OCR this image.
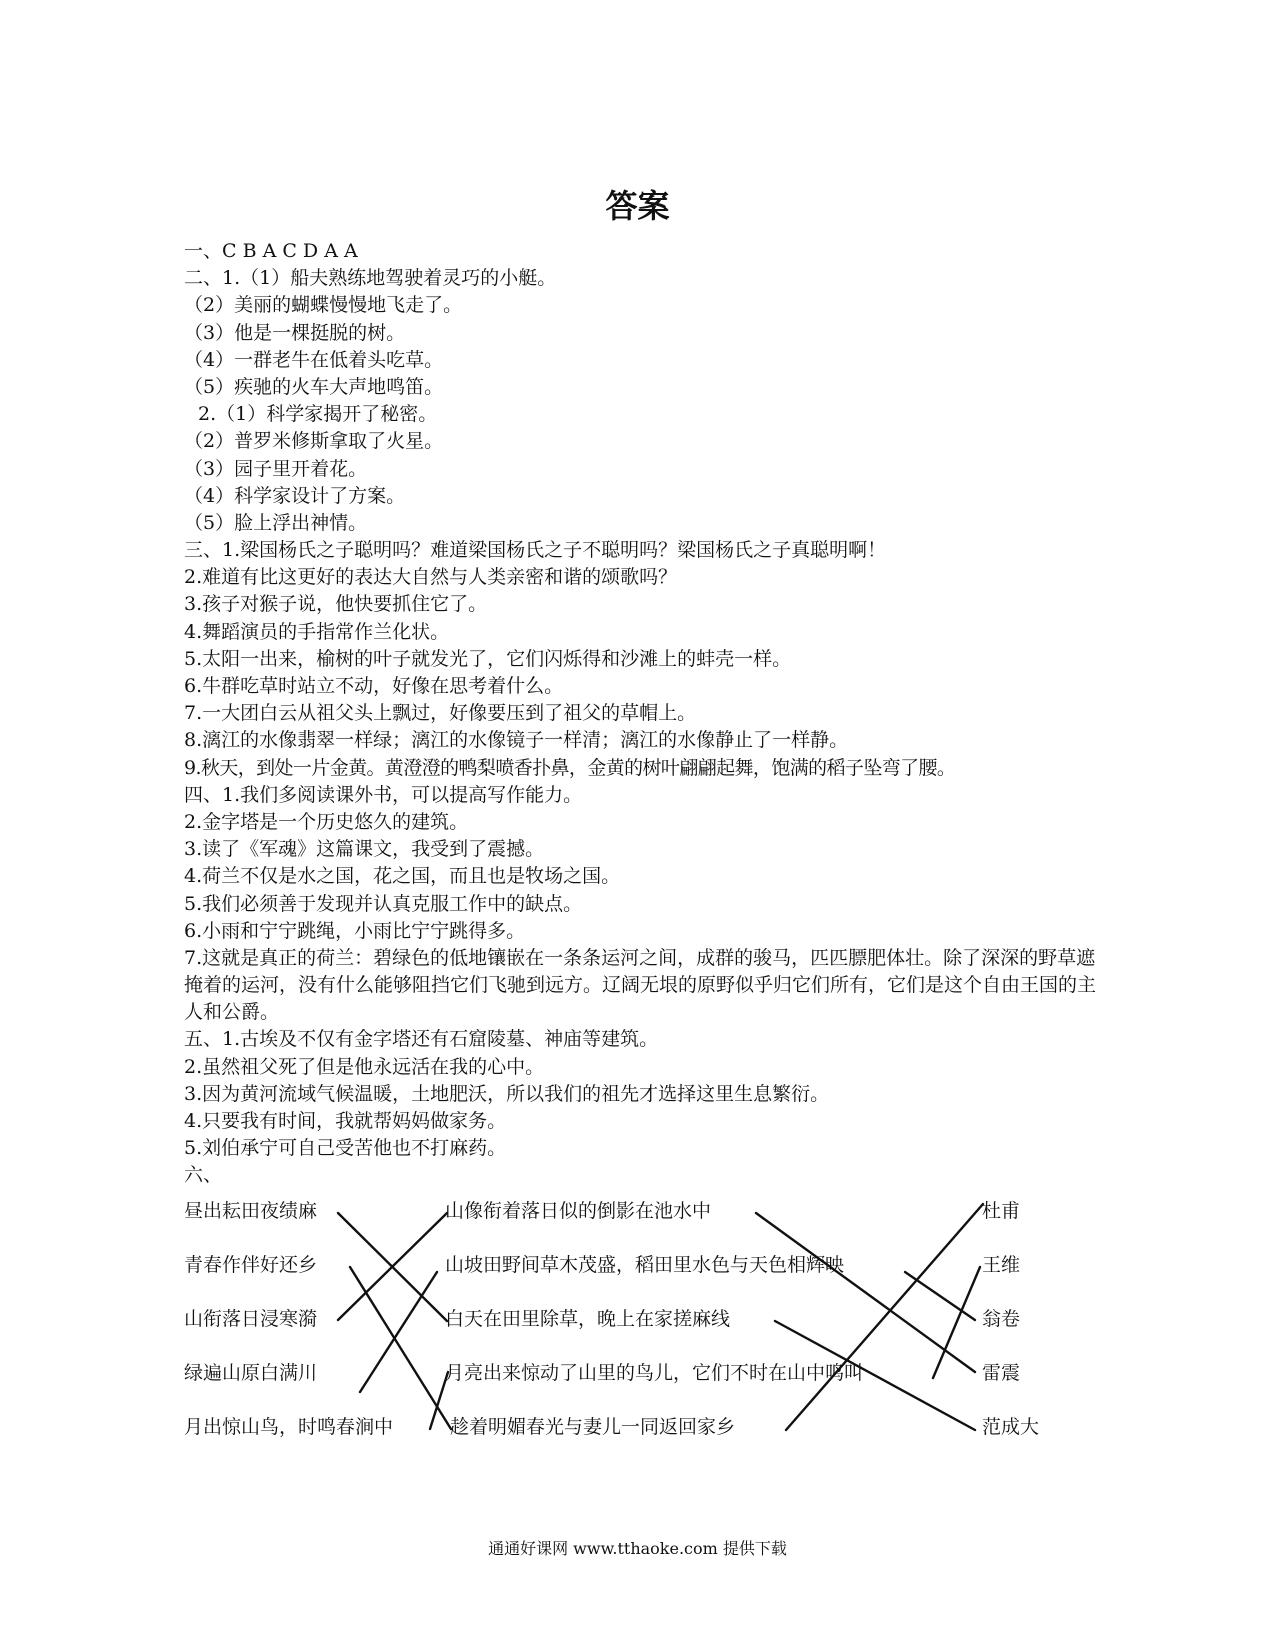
答案
一、C B A C D A A
二、1.（1）船夫熟练地驾驶着灵巧的小艇。
（2）美丽的蝴蝶慢慢地飞走了。
（3）他是一棵挺脱的树。
（4）一群老牛在低着头吃草。
（5）疾驰的火车大声地鸣笛。
2.（1）科学家揭开了秘密。
（2）普罗米修斯拿取了火星。
（3）园子里开着花。
（4）科学家设计了方案。
（5）脸上浮出神情。
三、1.梁国杨氏之子聪明吗？难道梁国杨氏之子不聪明吗？梁国杨氏之子真聪明啊！
2.难道有比这更好的表达大自然与人类亲密和谐的颂歌吗？
3.孩子对猴子说，他快要抓住它了。
4.舞蹈演员的手指常作兰化状。
5.太阳一出来，榆树的叶子就发光了，它们闪烁得和沙滩上的蚌壳一样。
6.牛群吃草时站立不动，好像在思考着什么。
7.一大团白云从祖父头上飘过，好像要压到了祖父的草帽上。
8.漓江的水像翡翠一样绿；漓江的水像镜子一样清；漓江的水像静止了一样静。
9.秋天，到处一片金黄。黄澄澄的鸭梨喷香扑鼻，金黄的树叶翩翩起舞，饱满的稻子坠弯了腰。
四、1.我们多阅读课外书，可以提高写作能力。
2.金字塔是一个历史悠久的建筑。
3.读了《军魂》这篇课文，我受到了震撼。
4.荷兰不仅是水之国，花之国，而且也是牧场之国。
5.我们必须善于发现并认真克服工作中的缺点。
6.小雨和宁宁跳绳，小雨比宁宁跳得多。
7.这就是真正的荷兰：碧绿色的低地镶嵌在一条条运河之间，成群的骏马，匹匹膘肥体壮。除了深深的野草遮掩着的运河，没有什么能够阻挡它们飞驰到远方。辽阔无垠的原野似乎归它们所有，它们是这个自由王国的主人和公爵。
五、1.古埃及不仅有金字塔还有石窟陵墓、神庙等建筑。
2.虽然祖父死了但是他永远活在我的心中。
3.因为黄河流域气候温暖，土地肥沃，所以我们的祖先才选择这里生息繁衍。
4.只要我有时间，我就帮妈妈做家务。
5.刘伯承宁可自己受苦他也不打麻药。
六、
昼出耘田夜绩麻
青春作伴好还乡
山衔落日浸寒漪
绿遍山原白满川
月出惊山鸟，时鸣春涧中
山像衔着落日似的倒影在池水中
山坡田野间草木茂盛，稻田里水色与天色相辉映
白天在田里除草，晚上在家搓麻线
月亮出来惊动了山里的鸟儿，它们不时在山中鸣叫
趁着明媚春光与妻儿一同返回家乡
杜甫
王维
翁卷
雷震
范成大
通通好课网 www.tthaoke.com 提供下载
